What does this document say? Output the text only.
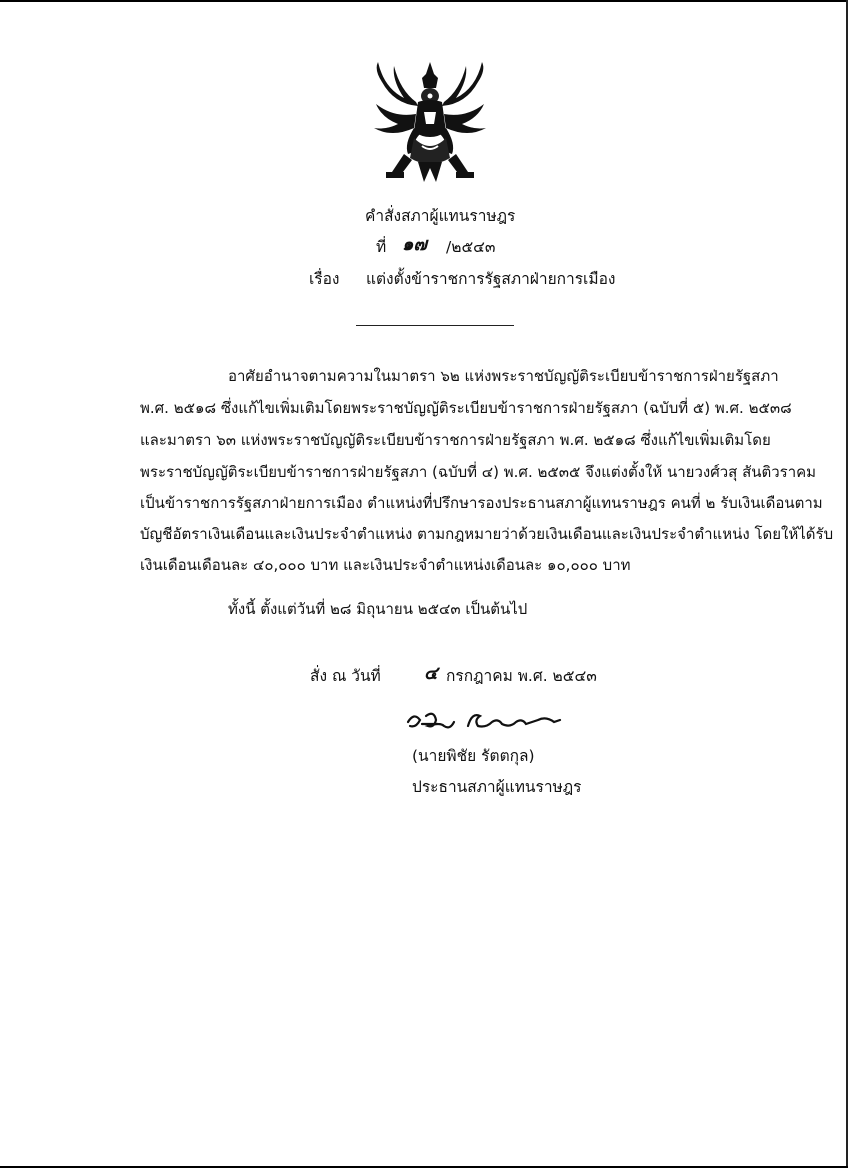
คำสั่งสภาผู้แทนราษฎร
ที่ ๑๗ /๒๕๔๓
เรื่อง แต่งตั้งข้าราชการรัฐสภาฝ่ายการเมือง
อาศัยอำนาจตามความในมาตรา ๖๒ แห่งพระราชบัญญัติระเบียบข้าราชการฝ่ายรัฐสภา
พ.ศ. ๒๕๑๘ ซึ่งแก้ไขเพิ่มเติมโดยพระราชบัญญัติระเบียบข้าราชการฝ่ายรัฐสภา (ฉบับที่ ๕) พ.ศ. ๒๕๓๘
และมาตรา ๖๓ แห่งพระราชบัญญัติระเบียบข้าราชการฝ่ายรัฐสภา พ.ศ. ๒๕๑๘ ซึ่งแก้ไขเพิ่มเติมโดย
พระราชบัญญัติระเบียบข้าราชการฝ่ายรัฐสภา (ฉบับที่ ๔) พ.ศ. ๒๕๓๕ จึงแต่งตั้งให้ นายวงศ์วสุ สันติวราคม
เป็นข้าราชการรัฐสภาฝ่ายการเมือง ตำแหน่งที่ปรึกษารองประธานสภาผู้แทนราษฎร คนที่ ๒ รับเงินเดือนตาม
บัญชีอัตราเงินเดือนและเงินประจำตำแหน่ง ตามกฎหมายว่าด้วยเงินเดือนและเงินประจำตำแหน่ง โดยให้ได้รับ
เงินเดือนเดือนละ ๔๐,๐๐๐ บาท และเงินประจำตำแหน่งเดือนละ ๑๐,๐๐๐ บาท
ทั้งนี้ ตั้งแต่วันที่ ๒๘ มิถุนายน ๒๕๔๓ เป็นต้นไป
สั่ง ณ วันที่ ๔ กรกฎาคม พ.ศ. ๒๕๔๓
(นายพิชัย รัตตกุล)
ประธานสภาผู้แทนราษฎร
